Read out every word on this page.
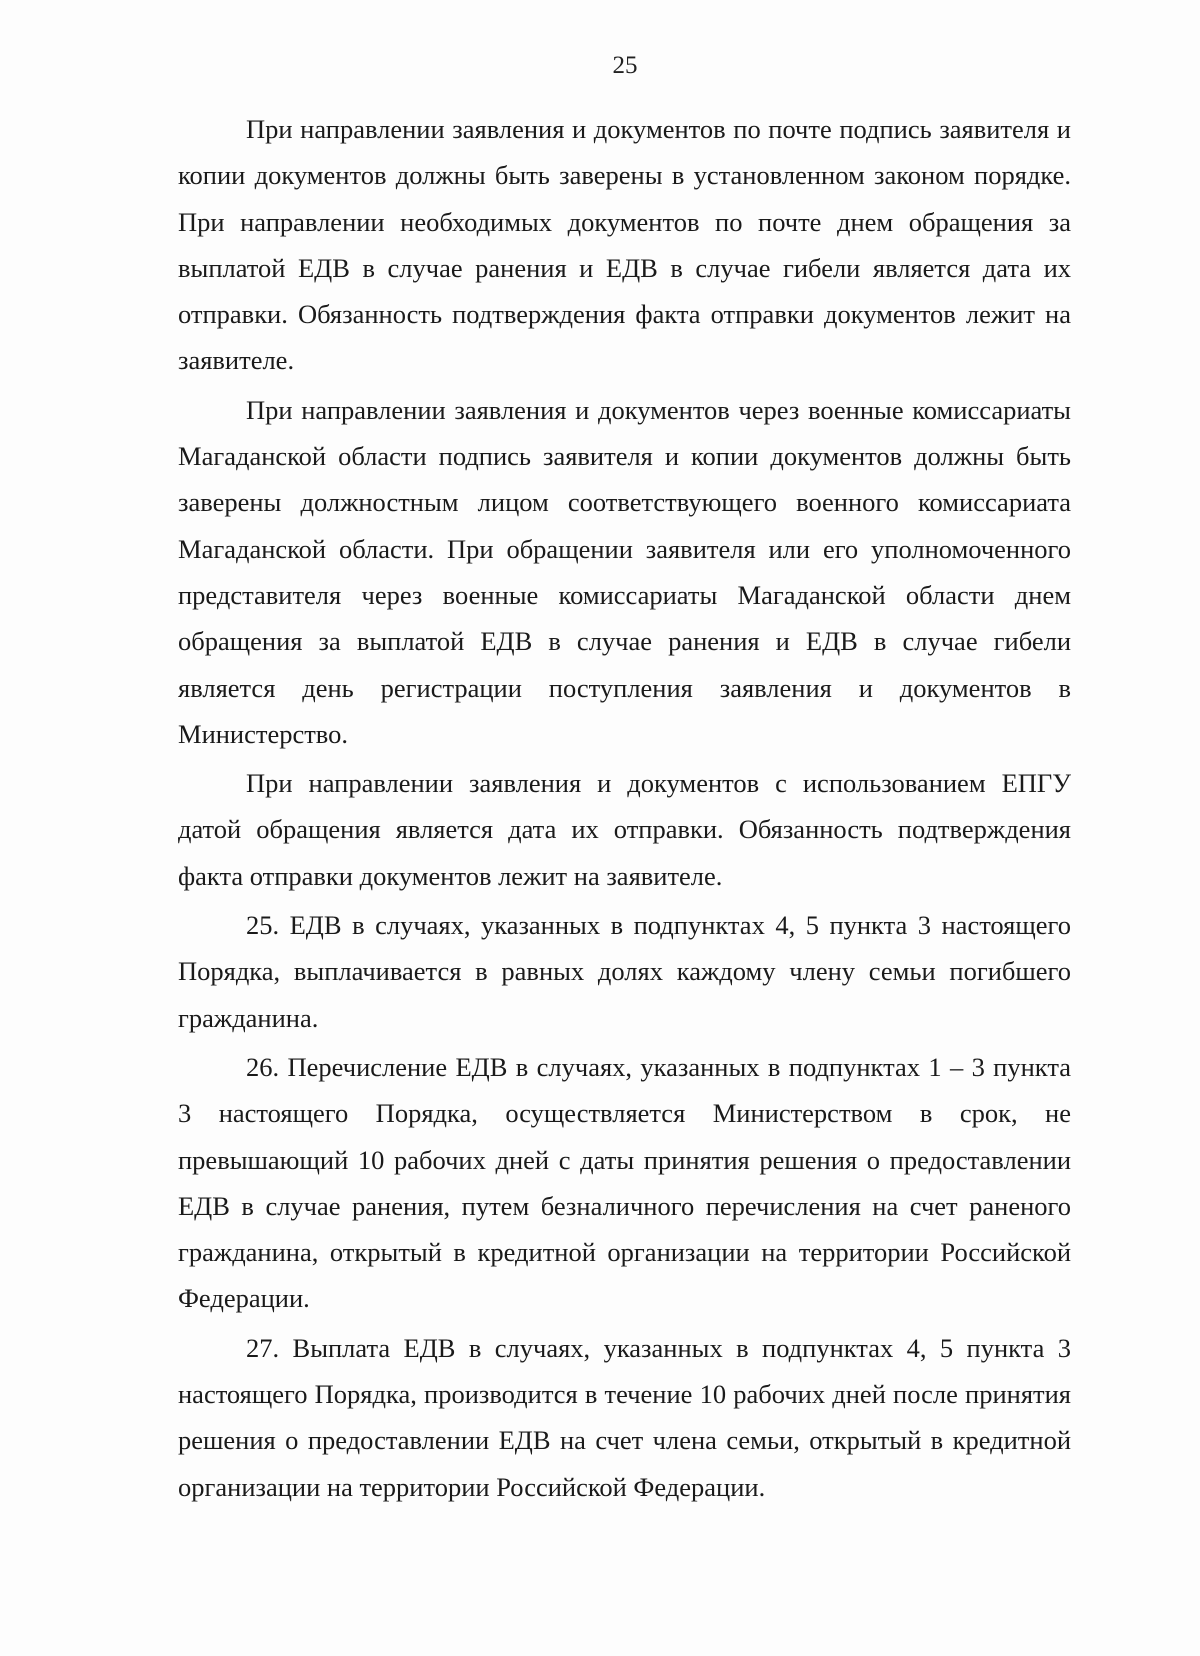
25

При направлении заявления и документов по почте подпись заявителя и копии документов должны быть заверены в установленном законом порядке. При направлении необходимых документов по почте днем обращения за выплатой ЕДВ в случае ранения и ЕДВ в случае гибели является дата их отправки. Обязанность подтверждения факта отправки документов лежит на заявителе.

При направлении заявления и документов через военные комиссариаты Магаданской области подпись заявителя и копии документов должны быть заверены должностным лицом соответствующего военного комиссариата Магаданской области. При обращении заявителя или его уполномоченного представителя через военные комиссариаты Магаданской области днем обращения за выплатой ЕДВ в случае ранения и ЕДВ в случае гибели является день регистрации поступления заявления и документов в Министерство.

При направлении заявления и документов с использованием ЕПГУ датой обращения является дата их отправки. Обязанность подтверждения факта отправки документов лежит на заявителе.

25. ЕДВ в случаях, указанных в подпунктах 4, 5 пункта 3 настоящего Порядка, выплачивается в равных долях каждому члену семьи погибшего гражданина.

26. Перечисление ЕДВ в случаях, указанных в подпунктах 1 – 3 пункта 3 настоящего Порядка, осуществляется Министерством в срок, не превышающий 10 рабочих дней с даты принятия решения о предоставлении ЕДВ в случае ранения, путем безналичного перечисления на счет раненого гражданина, открытый в кредитной организации на территории Российской Федерации.

27. Выплата ЕДВ в случаях, указанных в подпунктах 4, 5 пункта 3 настоящего Порядка, производится в течение 10 рабочих дней после принятия решения о предоставлении ЕДВ на счет члена семьи, открытый в кредитной организации на территории Российской Федерации.
